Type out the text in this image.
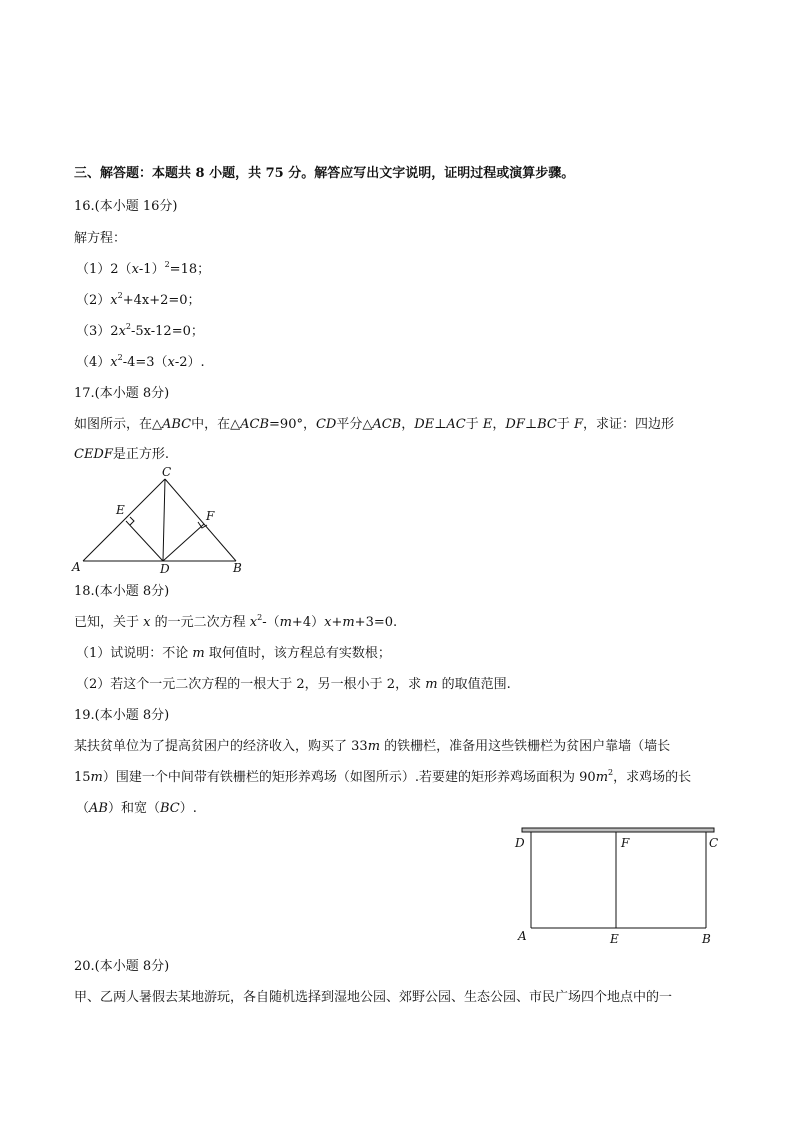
三、解答题：本题共 8 小题，共 75 分。解答应写出文字说明，证明过程或演算步骤。
16.(本小题 16分)
解方程：
$(1)2(x-1)^2=18$；
$(2)x^2+4x+2=0$；
$(3)2x^2-5x-12=0$；
$(4)x^2-4=3(x-2)$.
17.(本小题 8分)
如图所示，在△ABC中，在△ACB=90°，CD平分△ACB，DE⊥AC于 E，DF⊥BC于 F，求证：四边形
CEDF是正方形.
C
E	F
A	D	B
18.(本小题 8分)
已知，关于 x 的一元二次方程 $x^2-(m+4)x+m+3=0$.
（1）试说明：不论 m 取何值时，该方程总有实数根；
（2）若这个一元二次方程的一根大于 2，另一根小于 2，求 m 的取值范围.
19.(本小题 8分)
某扶贫单位为了提高贫困户的经济收入，购买了 33m 的铁栅栏，准备用这些铁栅栏为贫困户靠墙（墙长
15m）围建一个中间带有铁栅栏的矩形养鸡场（如图所示）.若要建的矩形养鸡场面积为 $90m^2$，求鸡场的长
（AB）和宽（BC）.
D	F	C
A	E	B
20.(本小题 8分)
甲、乙两人暑假去某地游玩，各自随机选择到湿地公园、郊野公园、生态公园、市民广场四个地点中的一
